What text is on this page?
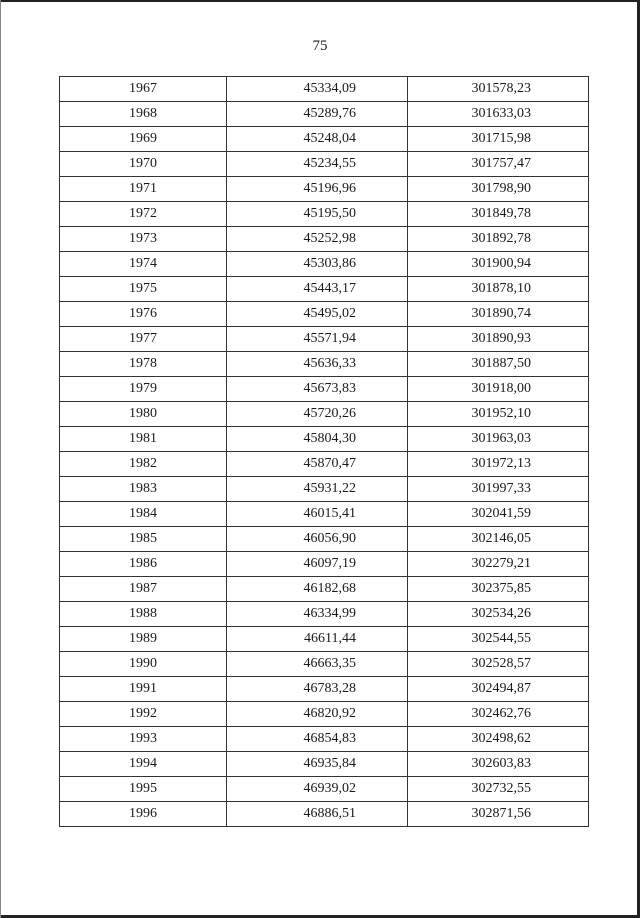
75
1967	45334,09	301578,23
1968	45289,76	301633,03
1969	45248,04	301715,98
1970	45234,55	301757,47
1971	45196,96	301798,90
1972	45195,50	301849,78
1973	45252,98	301892,78
1974	45303,86	301900,94
1975	45443,17	301878,10
1976	45495,02	301890,74
1977	45571,94	301890,93
1978	45636,33	301887,50
1979	45673,83	301918,00
1980	45720,26	301952,10
1981	45804,30	301963,03
1982	45870,47	301972,13
1983	45931,22	301997,33
1984	46015,41	302041,59
1985	46056,90	302146,05
1986	46097,19	302279,21
1987	46182,68	302375,85
1988	46334,99	302534,26
1989	46611,44	302544,55
1990	46663,35	302528,57
1991	46783,28	302494,87
1992	46820,92	302462,76
1993	46854,83	302498,62
1994	46935,84	302603,83
1995	46939,02	302732,55
1996	46886,51	302871,56
